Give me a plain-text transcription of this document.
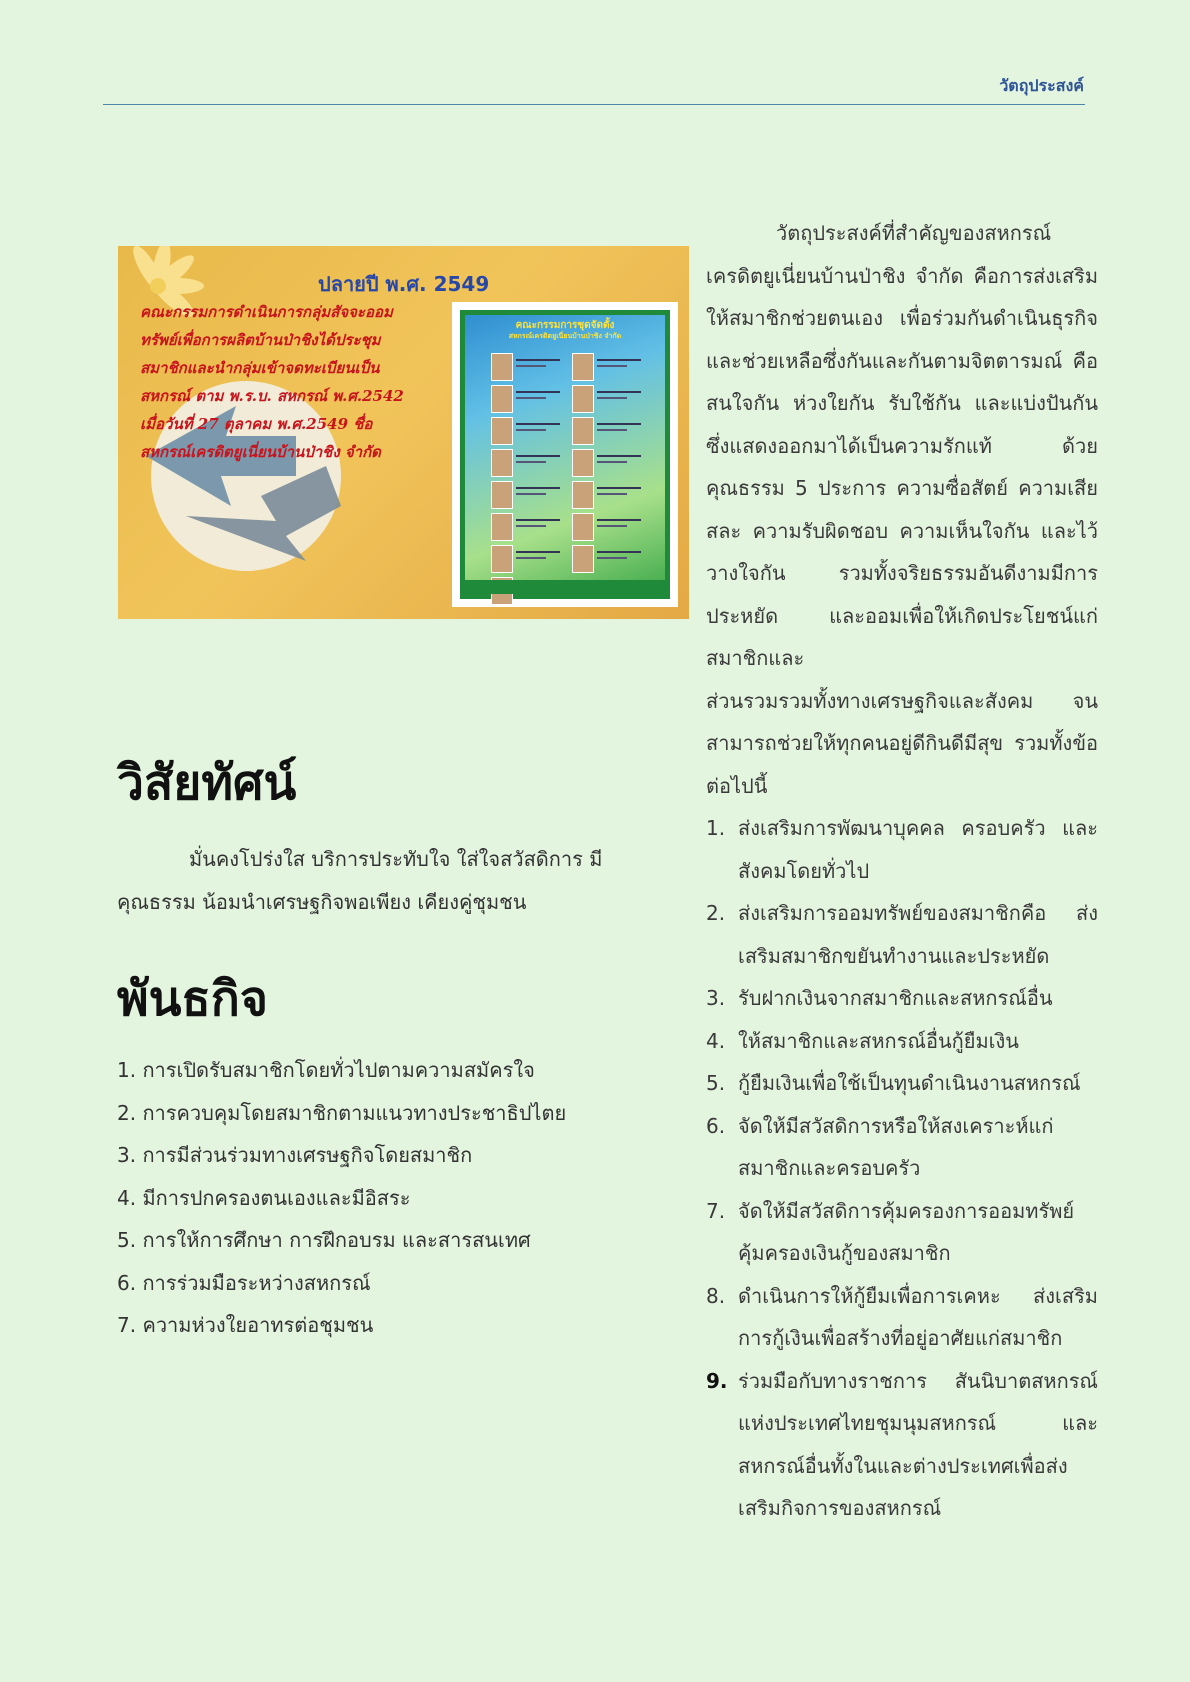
วัตถุประสงค์
ปลายปี พ.ศ. 2549
คณะกรรมการดำเนินการกลุ่มสัจจะออมทรัพย์เพื่อการผลิตบ้านป่าชิงได้ประชุมสมาชิกและนำกลุ่มเข้าจดทะเบียนเป็นสหกรณ์ ตาม พ.ร.บ. สหกรณ์ พ.ศ.2542 เมื่อวันที่ 27 ตุลาคม พ.ศ.2549 ชื่อ สหกรณ์เครดิตยูเนี่ยนบ้านป่าชิง จำกัด
คณะกรรมการชุดจัดตั้ง
สหกรณ์เครดิตยูเนี่ยนบ้านป่าชิง จำกัด

วัตถุประสงค์ที่สำคัญของสหกรณ์เครดิตยูเนี่ยนบ้านป่าชิง จำกัด คือการส่งเสริมให้สมาชิกช่วยตนเอง เพื่อร่วมกันดำเนินธุรกิจและช่วยเหลือซึ่งกันและกันตามจิตตารมณ์ คือ สนใจกัน ห่วงใยกัน รับใช้กัน และแบ่งปันกัน ซึ่งแสดงออกมาได้เป็นความรักแท้ ด้วยคุณธรรม 5 ประการ ความซื่อสัตย์ ความเสียสละ ความรับผิดชอบ ความเห็นใจกัน และไว้วางใจกัน รวมทั้งจริยธรรมอันดีงามมีการประหยัด และออมเพื่อให้เกิดประโยชน์แก่สมาชิกและ

ส่วนรวมรวมทั้งทางเศรษฐกิจและสังคม จนสามารถช่วยให้ทุกคนอยู่ดีกินดีมีสุข รวมทั้งข้อต่อไปนี้

1. ส่งเสริมการพัฒนาบุคคล ครอบครัว และสังคมโดยทั่วไป
2. ส่งเสริมการออมทรัพย์ของสมาชิกคือ ส่งเสริมสมาชิกขยันทำงานและประหยัด
3. รับฝากเงินจากสมาชิกและสหกรณ์อื่น
4. ให้สมาชิกและสหกรณ์อื่นกู้ยืมเงิน
5. กู้ยืมเงินเพื่อใช้เป็นทุนดำเนินงานสหกรณ์
6. จัดให้มีสวัสดิการหรือให้สงเคราะห์แก่ สมาชิกและครอบครัว
7. จัดให้มีสวัสดิการคุ้มครองการออมทรัพย์ คุ้มครองเงินกู้ของสมาชิก
8. ดำเนินการให้กู้ยืมเพื่อการเคหะ ส่งเสริมการกู้เงินเพื่อสร้างที่อยู่อาศัยแก่สมาชิก
9. ร่วมมือกับทางราชการ สันนิบาตสหกรณ์แห่งประเทศไทยชุมนุมสหกรณ์ และสหกรณ์อื่นทั้งในและต่างประเทศเพื่อส่งเสริมกิจการของสหกรณ์
วิสัยทัศน์

มั่นคงโปร่งใส บริการประทับใจ ใส่ใจสวัสดิการ มีคุณธรรม น้อมนำเศรษฐกิจพอเพียง เคียงคู่ชุมชน

พันธกิจ
1. การเปิดรับสมาชิกโดยทั่วไปตามความสมัครใจ
2. การควบคุมโดยสมาชิกตามแนวทางประชาธิปไตย
3. การมีส่วนร่วมทางเศรษฐกิจโดยสมาชิก
4. มีการปกครองตนเองและมีอิสระ
5. การให้การศึกษา การฝึกอบรม และสารสนเทศ
6. การร่วมมือระหว่างสหกรณ์
7. ความห่วงใยอาทรต่อชุมชน
